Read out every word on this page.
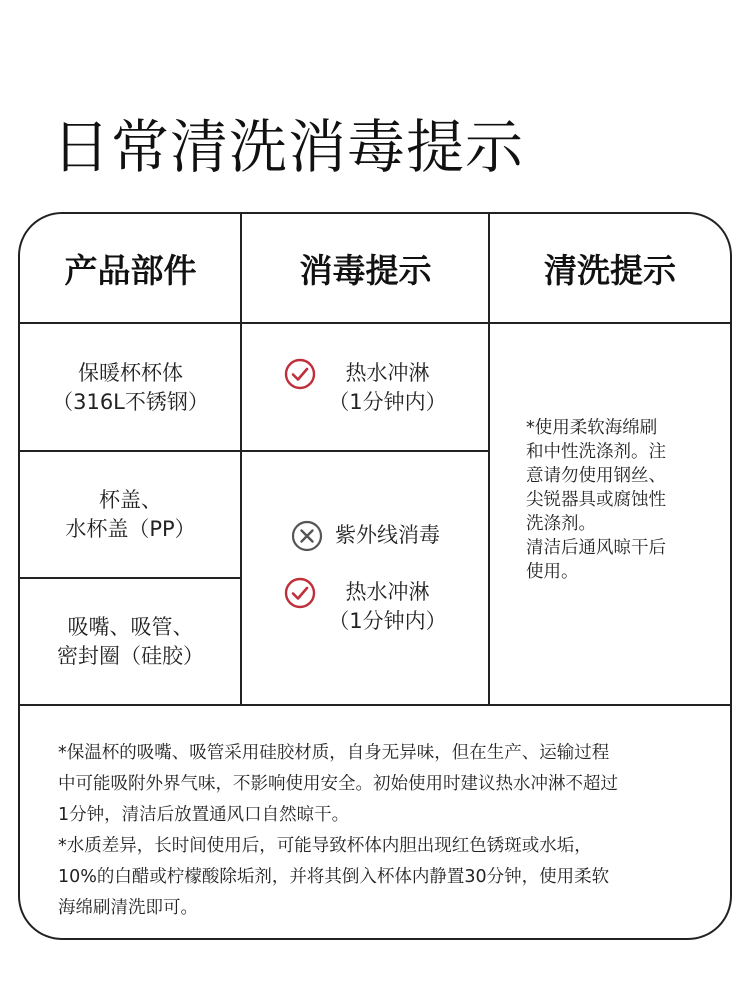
日常清洗消毒提示
产品部件	消毒提示	清洗提示
保暖杯杯体
（316L不锈钢）
杯盖、
水杯盖（PP）
吸嘴、吸管、
密封圈（硅胶）
热水冲淋
（1分钟内）
紫外线消毒
热水冲淋
（1分钟内）
*使用柔软海绵刷
和中性洗涤剂。注
意请勿使用钢丝、
尖锐器具或腐蚀性
洗涤剂。
清洁后通风晾干后
使用。
*保温杯的吸嘴、吸管采用硅胶材质，自身无异味，但在生产、运输过程
中可能吸附外界气味，不影响使用安全。初始使用时建议热水冲淋不超过
1分钟，清洁后放置通风口自然晾干。
*水质差异，长时间使用后，可能导致杯体内胆出现红色锈斑或水垢，
10%的白醋或柠檬酸除垢剂，并将其倒入杯体内静置30分钟，使用柔软
海绵刷清洗即可。
